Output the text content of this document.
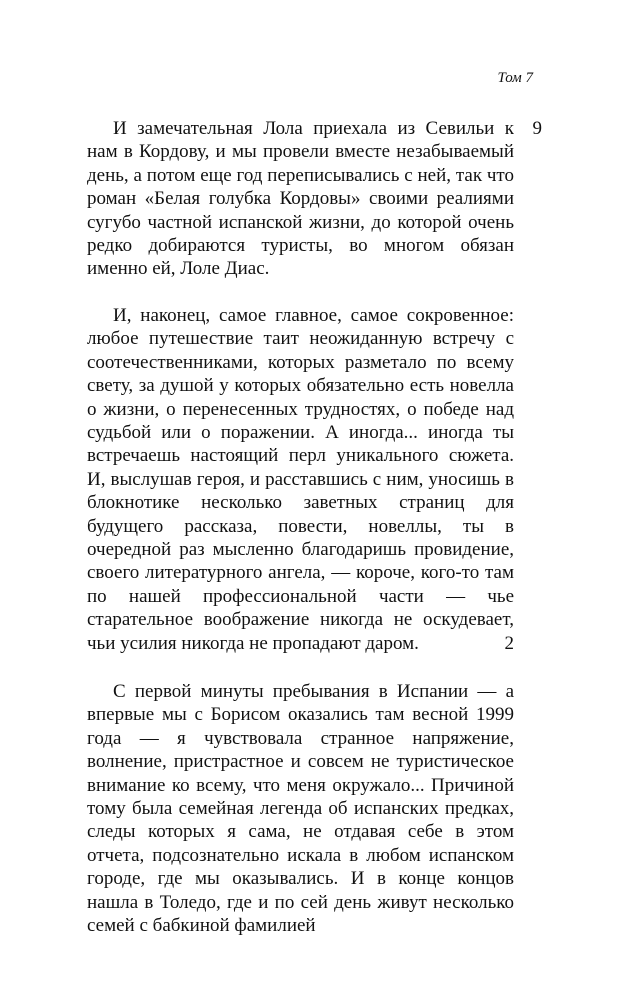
Том 7
9

И замечательная Лола приехала из Севильи к нам в Кордову, и мы провели вместе незабываемый день, а потом еще год переписывались с ней, так что роман «Белая голубка Кордовы» своими реалиями сугубо частной испанской жизни, до которой очень редко добираются туристы, во многом обязан именно ей, Лоле Диас.

И, наконец, самое главное, самое сокровенное: любое путешествие таит неожиданную встречу с соотечественниками, которых разметало по всему свету, за душой у которых обязательно есть новелла о жизни, о перенесенных трудностях, о победе над судьбой или о поражении. А иногда... иногда ты встречаешь настоящий перл уникального сюжета. И, выслушав героя, и расставшись с ним, уносишь в блокнотике несколько заветных страниц для будущего рассказа, повести, новеллы, ты в очередной раз мысленно благодаришь провидение, своего литературного ангела, — короче, кого-то там по нашей профессиональной части — чье старательное воображение никогда не оскудевает, чьи усилия никогда не пропадают даром.	2

С первой минуты пребывания в Испании — а впервые мы с Борисом оказались там весной 1999 года — я чувствовала странное напряжение, волнение, пристрастное и совсем не туристическое внимание ко всему, что меня окружало... Причиной тому была семейная легенда об испанских предках, следы которых я сама, не отдавая себе в этом отчета, подсознательно искала в любом испанском городе, где мы оказывались. И в конце концов нашла в Толедо, где и по сей день живут несколько семей с бабкиной фамилией
